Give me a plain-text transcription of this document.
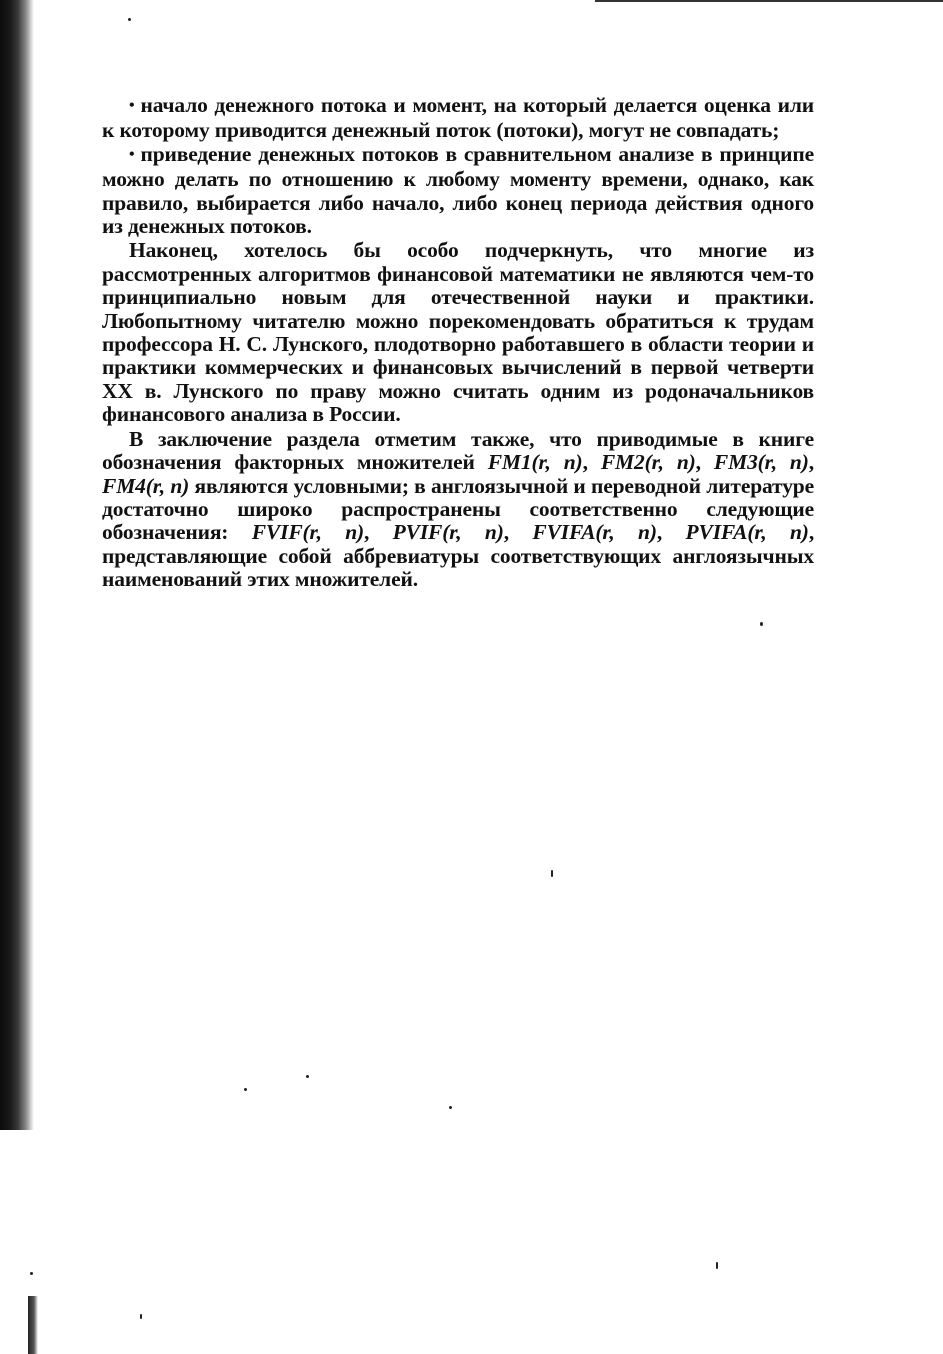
• начало денежного потока и момент, на который делается оценка или к которому приводится денежный поток (потоки), могут не совпадать;

• приведение денежных потоков в сравнительном анализе в принципе можно делать по отношению к любому моменту времени, однако, как правило, выбирается либо начало, либо конец периода действия одного из денежных потоков.

Наконец, хотелось бы особо подчеркнуть, что многие из рассмотренных алгоритмов финансовой математики не являются чем-то принципиально новым для отечественной науки и практики. Любопытному читателю можно порекомендовать обратиться к трудам профессора Н. С. Лунского, плодотворно работавшего в области теории и практики коммерческих и финансовых вычислений в первой четверти XX в. Лунского по праву можно считать одним из родоначальников финансового анализа в России.

В заключение раздела отметим также, что приводимые в книге обозначения факторных множителей FM1(r, n), FM2(r, n), FM3(r, n), FM4(r, n) являются условными; в англоязычной и переводной литературе достаточно широко распространены соответственно следующие обозначения: FVIF(r, n), PVIF(r, n), FVIFA(r, n), PVIFA(r, n), представляющие собой аббревиатуры соответствующих англоязычных наименований этих множителей.
